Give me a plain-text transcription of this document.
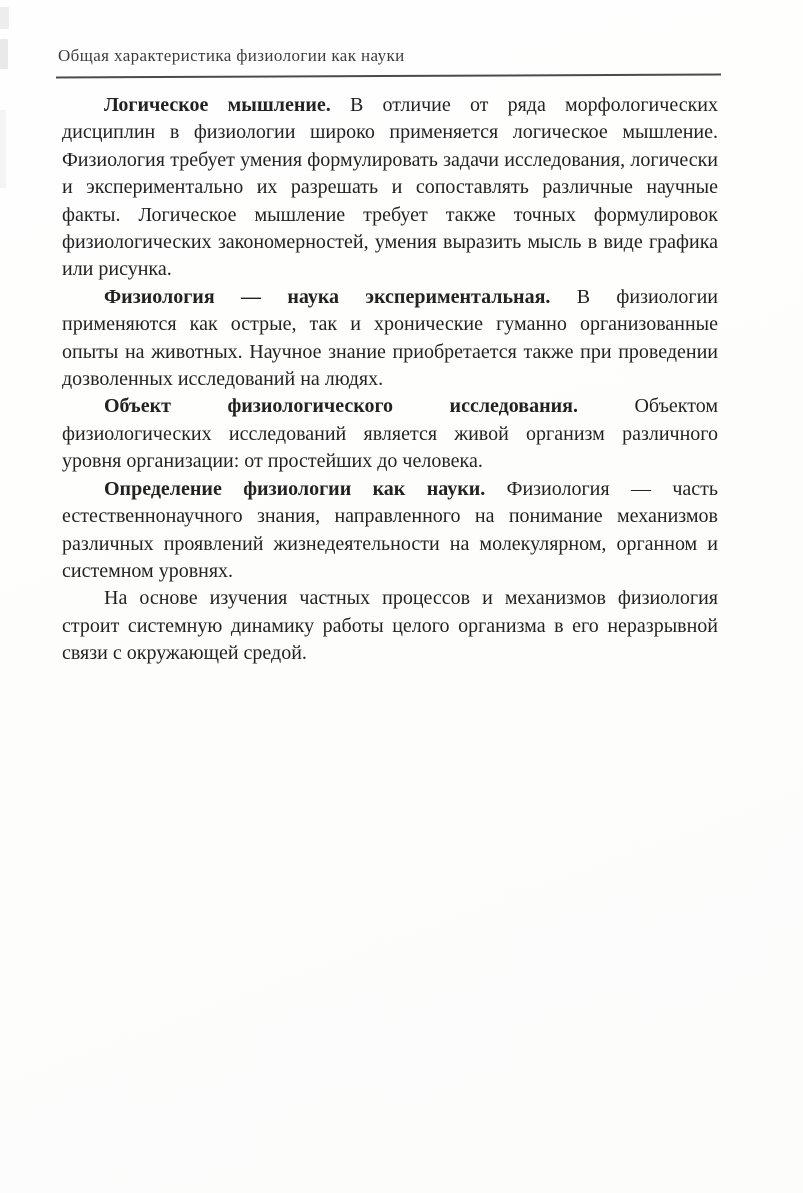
Общая характеристика физиологии как науки

Логическое мышление. В отличие от ряда морфологических дисциплин в физиологии широко применяется логическое мышление. Физиология требует умения формулировать задачи исследования, логически и экспериментально их разрешать и сопоставлять различные научные факты. Логическое мышление требует также точных формулировок физиологических закономерностей, умения выразить мысль в виде графика или рисунка.

Физиология — наука экспериментальная. В физиологии применяются как острые, так и хронические гуманно организованные опыты на животных. Научное знание приобретается также при проведении дозволенных исследований на людях.

Объект физиологического исследования.	Объектом физиологических исследований является живой организм различного уровня организации: от простейших до человека.

Определение физиологии как науки. Физиология — часть естественнонаучного знания, направленного на понимание механизмов различных проявлений жизнедеятельности на молекулярном, органном и системном уровнях.

На основе изучения частных процессов и механизмов физиология строит системную динамику работы целого организма в его неразрывной связи с окружающей средой.
